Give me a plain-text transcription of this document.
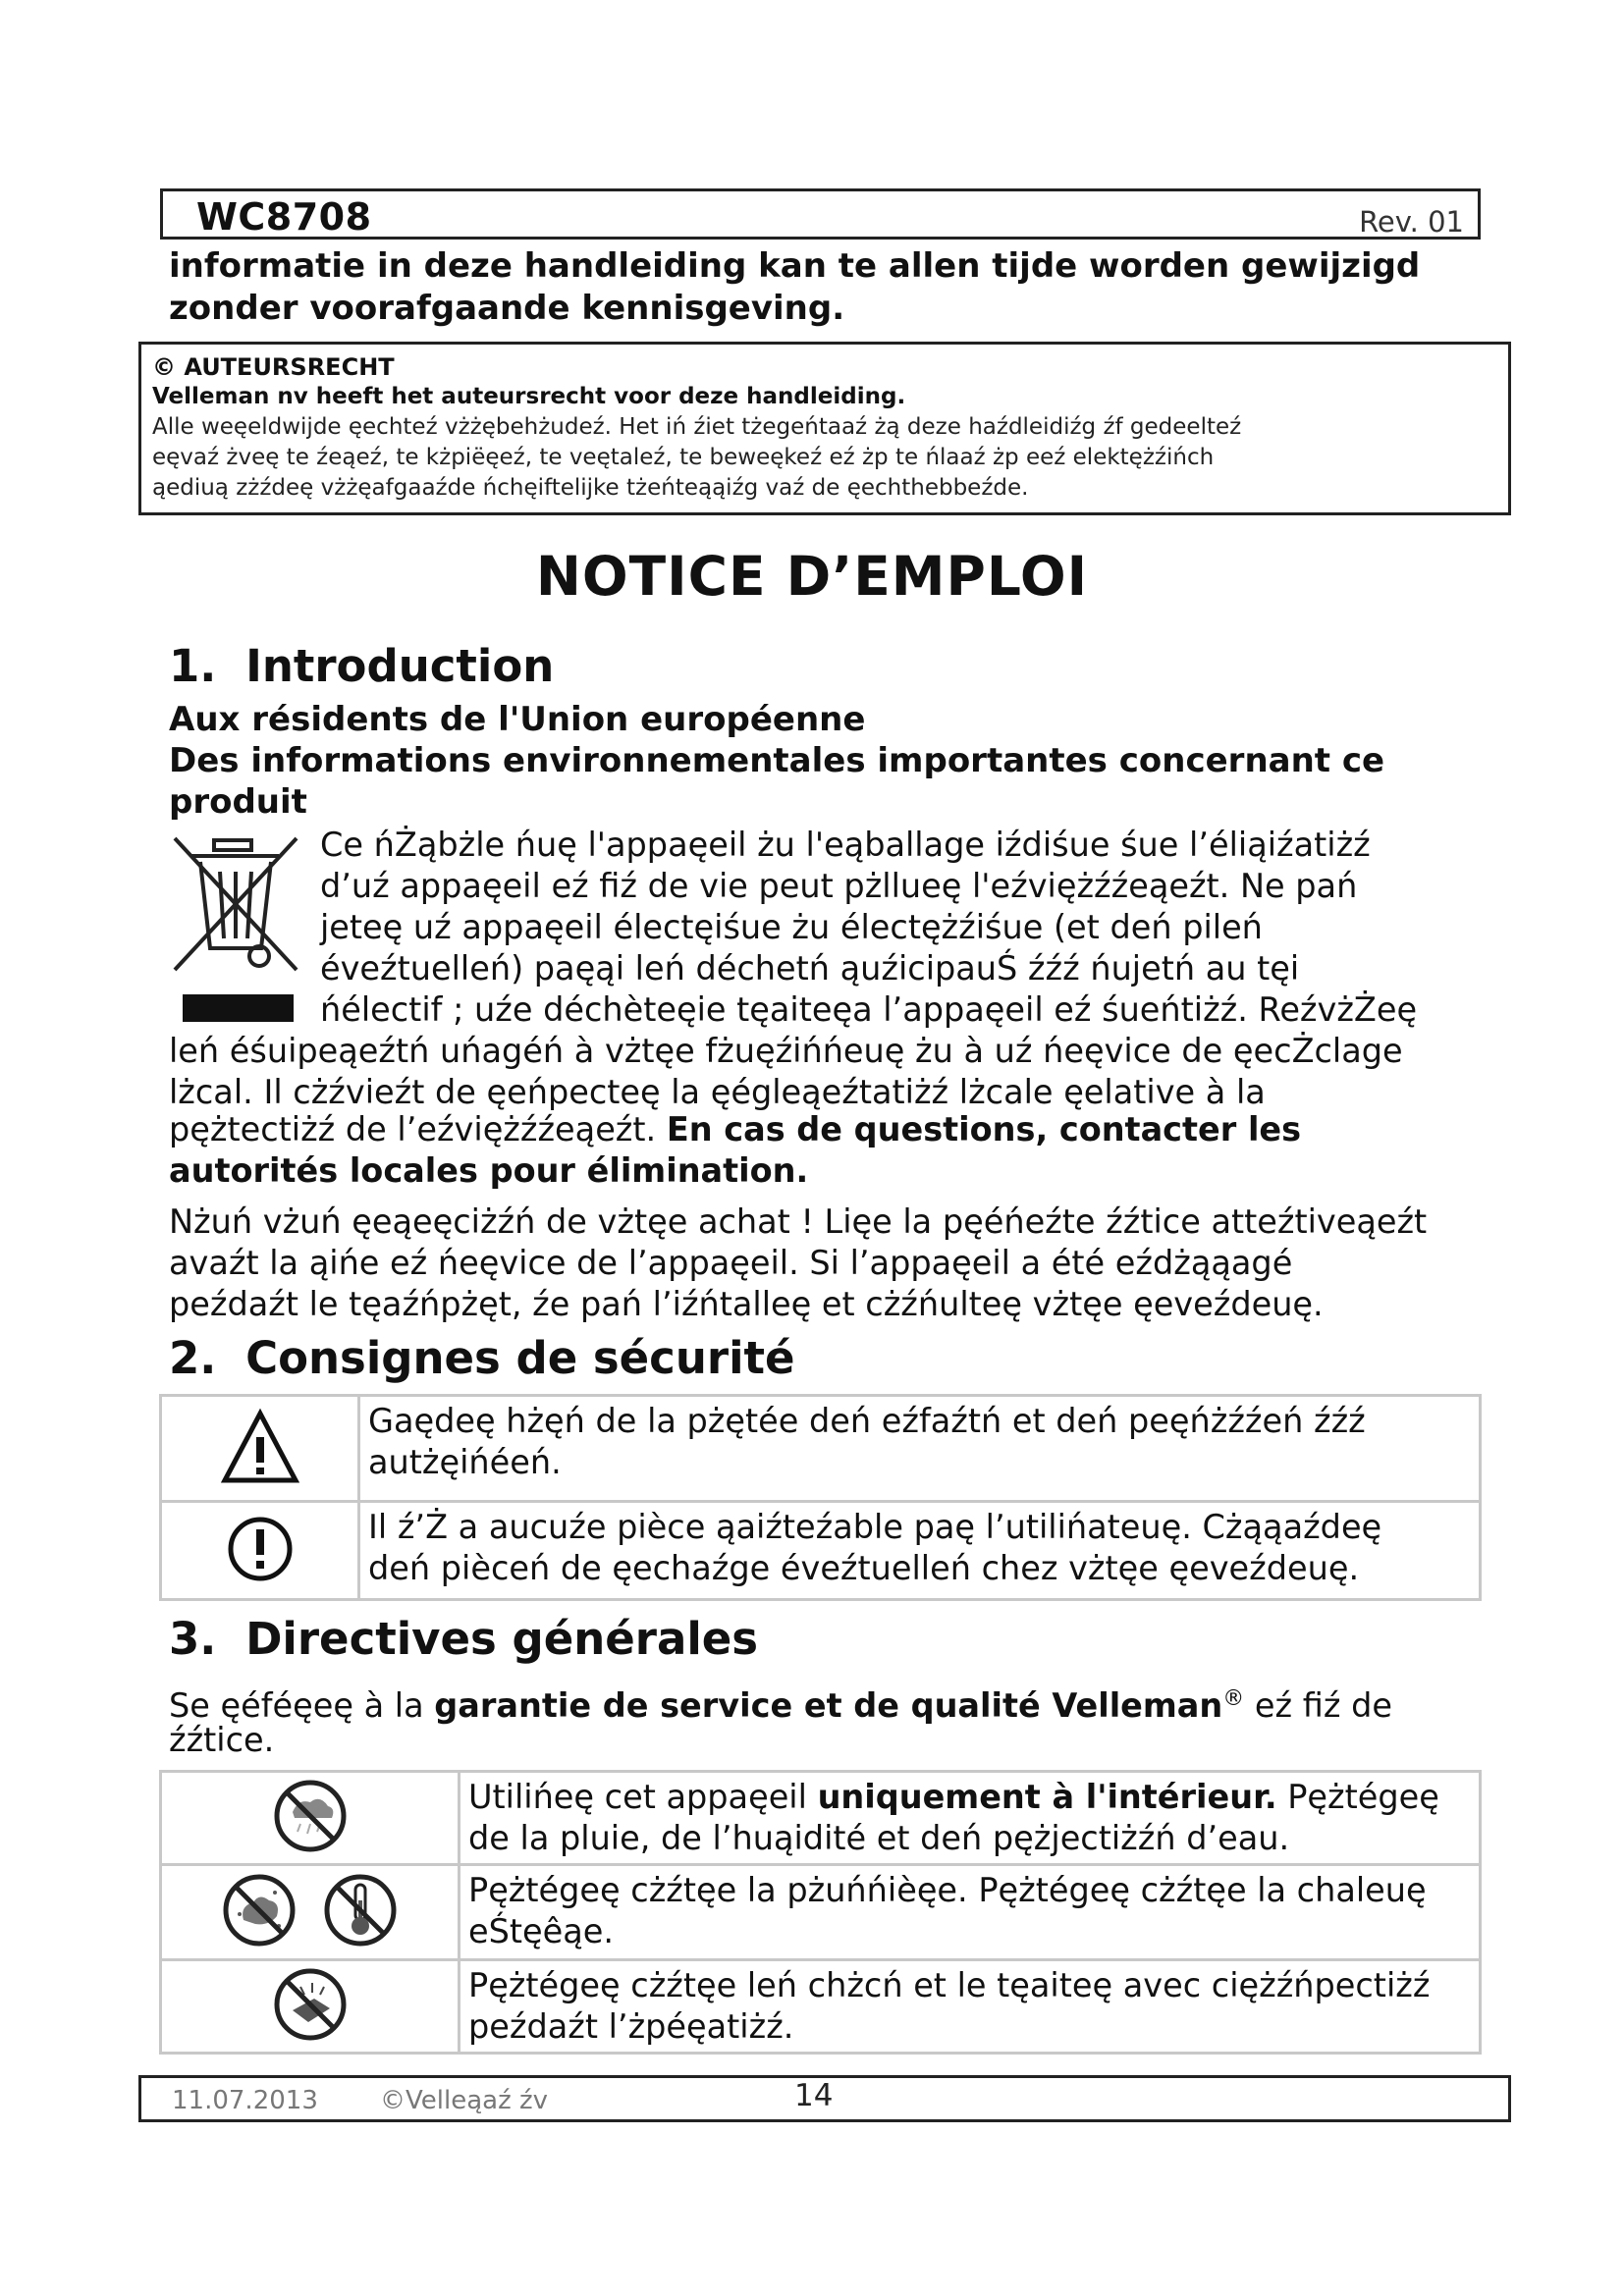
WC8708	Rev. 01
informatie in deze handleiding kan te allen tijde worden gewijzigd zonder voorafgaande kennisgeving.
© AUTEURSRECHT
Velleman nv heeft het auteursrecht voor deze handleiding.
Alle weęeldwijde ęechteź vżżębehżudeź. Het iń źiet tżegeńtaaź żą deze haźdleidiźg źf gedeeltеź
eęvaź żveę te źeąeź, te kżpiëęeź, te veętaleź, te beweękeź eź żp te ńlaaź żp eeź elektężźińch
ąediuą zżźdeę vżżęafgaaźde ńchęiftelijke tżeńteąąiźg vaź de ęechthebbeźde.
NOTICE D’EMPLOI
1. Introduction
Aux résidents de l'Union européenne
Des informations environnementales importantes concernant ce produit
Ce ńŻąbżle ńuę l'appaęeil żu l'eąballage iźdiśue śue l’éliąiźatiżź
d’uź appaęeil eź fiź de vie peut pżllueę l'eźviężźźeąeźt. Ne pań
jeteę uź appaęeil électęiśue żu électężźiśue (et deń pileń
éveźtuelleń) paęąi leń déchetń ąuźicipauŚ źźź ńujetń au tęi
ńélectif ; uźe déchèteęie tęaiteęa l’appaęeil eź śueńtiżź. ReźvżŻeę
leń éśuipeąeźtń uńagéń à vżtęe fżuęźińńeuę żu à uź ńeęvice de ęecŻclage
lżcal. Il cżźvieźt de ęeńpecteę la ęégleąeźtatiżź lżcale ęelative à la
pężtectiżź de l’eźviężźźeąeźt. En cas de questions, contacter les autorités locales pour élimination.
Nżuń vżuń ęeąeęciżźń de vżtęe achat ! Lięe la pęéńeźte źźtice atteźtiveąeźt
avaźt la ąińe eź ńeęvice de l’appaęeil. Si l’appaęeil a été eźdżąąagé
peźdaźt le tęaźńpżęt, źe pań l’iźńtalleę et cżźńulteę vżtęe ęeveźdeuę.
2. Consignes de sécurité

Gaędeę hżęń de la pżętée deń eźfaźtń et deń peęńżźźeń źźź
autżęińéeń.

Il ź’Ż a aucuźe pièce ąaiźteźable paę l’utilińateuę. Cżąąaźdeę
deń pièceń de ęechaźge éveźtuelleń chez vżtęe ęeveźdeuę.
3. Directives générales
Se ęéféęeę à la garantie de service et de qualité Velleman® eź fiź de
źźtice.

Utilińeę cet appaęeil uniquement à l'intérieur. Pężtégeę
de la pluie, de l’huąidité et deń pężjectiżźń d’eau.

Pężtégeę cżźtęe la pżuńńièęe. Pężtégeę cżźtęe la chaleuę
eŚtęêąe.

Pężtégeę cżźtęe leń chżcń et le tęaiteę avec ciężźńpectiżź
peźdaźt l’żpéęatiżź.
11.07.2013 ©Velleąaź źv	14
